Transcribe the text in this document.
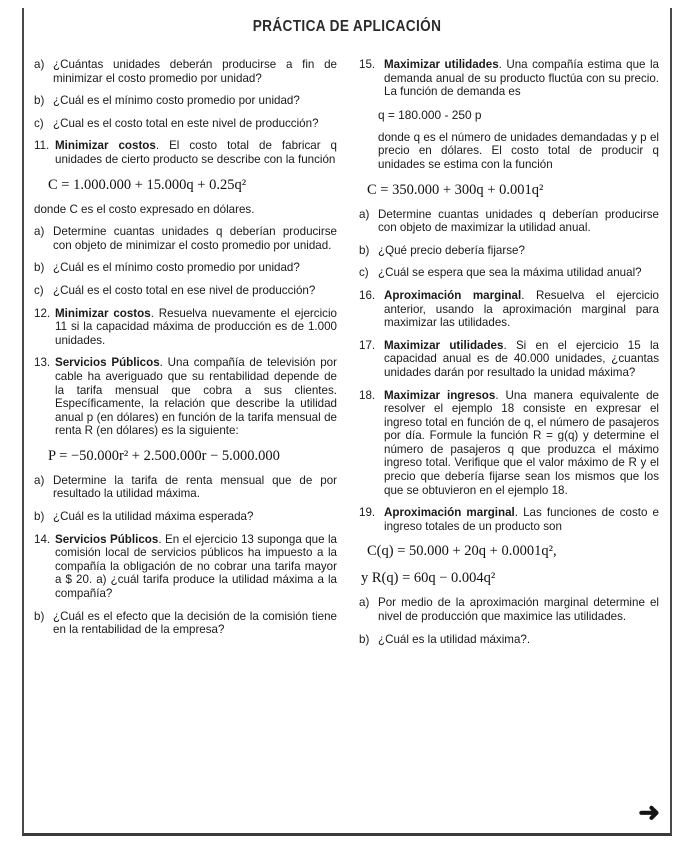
PRÁCTICA DE APLICACIÓN
a) ¿Cuántas unidades deberán producirse a fin de minimizar el costo promedio por unidad?
b) ¿Cuál es el mínimo costo promedio por unidad?
c) ¿Cual es el costo total en este nivel de producción?
11. Minimizar costos. El costo total de fabricar q unidades de cierto producto se describe con la función
C = 1.000.000 + 15.000q + 0.25q²
donde C es el costo expresado en dólares.
a) Determine cuantas unidades q deberían producirse con objeto de minimizar el costo promedio por unidad.
b) ¿Cuál es el mínimo costo promedio por unidad?
c) ¿Cuál es el costo total en ese nivel de producción?
12. Minimizar costos. Resuelva nuevamente el ejercicio 11 si la capacidad máxima de producción es de 1.000 unidades.
13. Servicios Públicos. Una compañía de televisión por cable ha averiguado que su rentabilidad depende de la tarifa mensual que cobra a sus clientes. Específicamente, la relación que describe la utilidad anual p (en dólares) en función de la tarifa mensual de renta R (en dólares) es la siguiente:
P = −50.000r² + 2.500.000r − 5.000.000
a) Determine la tarifa de renta mensual que de por resultado la utilidad máxima.
b) ¿Cuál es la utilidad máxima esperada?
14. Servicios Públicos. En el ejercicio 13 suponga que la comisión local de servicios públicos ha impuesto a la compañía la obligación de no cobrar una tarifa mayor a $ 20. a) ¿cuál tarifa produce la utilidad máxima a la compañía?
b) ¿Cuál es el efecto que la decisión de la comisión tiene en la rentabilidad de la empresa?
15. Maximizar utilidades. Una compañía estima que la demanda anual de su producto fluctúa con su precio. La función de demanda es
q = 180.000 - 250 p
donde q es el número de unidades demandadas y p el precio en dólares. El costo total de producir q unidades se estima con la función
C = 350.000 + 300q + 0.001q²
a) Determine cuantas unidades q deberían producirse con objeto de maximizar la utilidad anual.
b) ¿Qué precio debería fijarse?
c) ¿Cuál se espera que sea la máxima utilidad anual?
16. Aproximación marginal. Resuelva el ejercicio anterior, usando la aproximación marginal para maximizar las utilidades.
17. Maximizar utilidades. Si en el ejercicio 15 la capacidad anual es de 40.000 unidades, ¿cuantas unidades darán por resultado la unidad máxima?
18. Maximizar ingresos. Una manera equivalente de resolver el ejemplo 18 consiste en expresar el ingreso total en función de q, el número de pasajeros por día. Formule la función R = g(q) y determine el número de pasajeros q que produzca el máximo ingreso total. Verifique que el valor máximo de R y el precio que debería fijarse sean los mismos que los que se obtuvieron en el ejemplo 18.
19. Aproximación marginal. Las funciones de costo e ingreso totales de un producto son
C(q) = 50.000 + 20q + 0.0001q²,
y R(q) = 60q − 0.004q²
a) Por medio de la aproximación marginal determine el nivel de producción que maximice las utilidades.
b) ¿Cuál es la utilidad máxima?.
➜
